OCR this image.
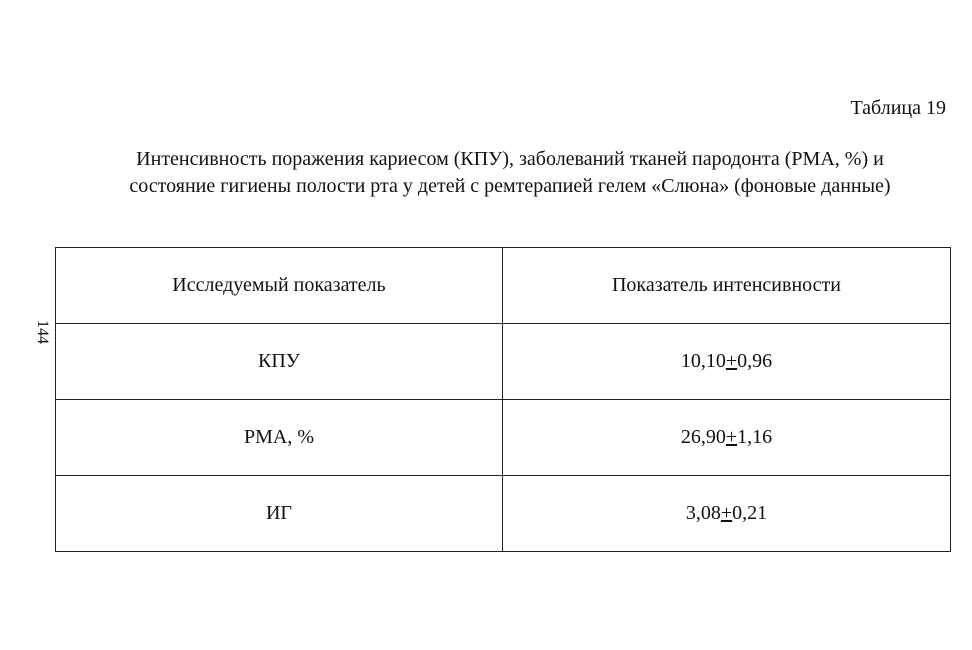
Таблица 19
Интенсивность поражения кариесом (КПУ), заболеваний тканей пародонта (РМА, %) и
состояние гигиены полости рта у детей с ремтерапией гелем «Слюна» (фоновые данные)
144
Исследуемый показатель	Показатель интенсивности
КПУ	10,10+0,96
РМА, %	26,90+1,16
ИГ	3,08+0,21
